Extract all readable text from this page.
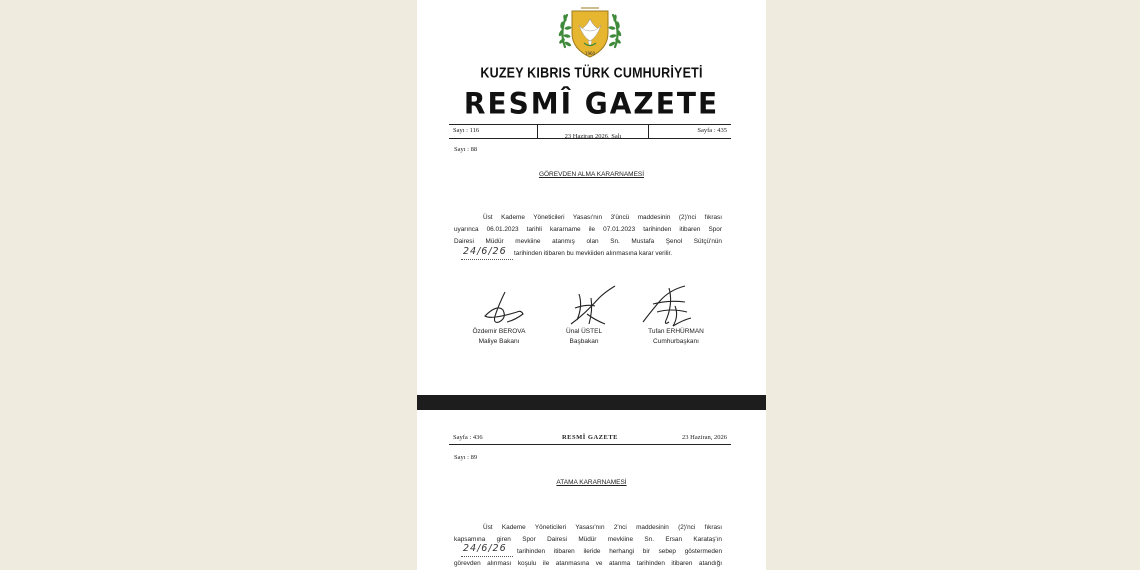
1960
KUZEY KIBRIS TÜRK CUMHURİYETİ
RESMÎ GAZETE
Sayı : 116
23 Haziran 2026, Salı
Sayfa : 435
Sayı : 88
GÖREVDEN ALMA KARARNAMESİ
Üst Kademe Yöneticileri Yasası'nın 3'üncü maddesinin (2)'nci fıkrası
uyarınca 06.01.2023 tarihli kararname ile 07.01.2023 tarihinden itibaren Spor
Dairesi Müdür mevkiine atanmış olan Sn. Mustafa Şenol Sütçü'nün
24/6/26 tarihinden itibaren bu mevkiiden alınmasına karar verilir.
Özdemir BEROVA
Maliye Bakanı
Ünal ÜSTEL
Başbakan
Tufan ERHÜRMAN
Cumhurbaşkanı
Sayfa : 436	RESMÎ GAZETE	23 Haziran, 2026
Sayı : 89
ATAMA KARARNAMESİ
Üst Kademe Yöneticileri Yasası'nın 2'nci maddesinin (2)'nci fıkrası
kapsamına giren Spor Dairesi Müdür mevkiine Sn. Ersan Karataş'ın
24/6/26 tarihinden itibaren ileride herhangi bir sebep göstermeden
görevden alınması koşulu ile atanmasına ve atanma tarihinden itibaren atandığı
